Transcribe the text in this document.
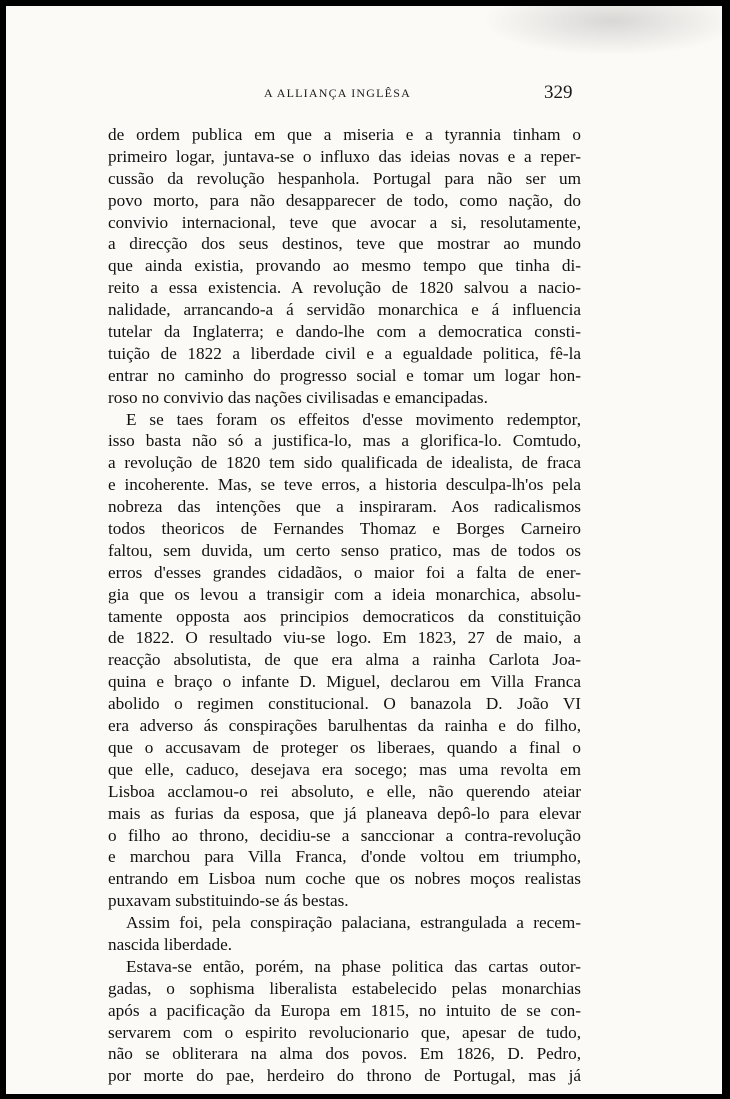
A ALLIANÇA INGLÊSA	329
de ordem publica em que a miseria e a tyrannia tinham o
primeiro logar, juntava-se o influxo das ideias novas e a reper-
cussão da revolução hespanhola. Portugal para não ser um
povo morto, para não desapparecer de todo, como nação, do
convivio internacional, teve que avocar a si, resolutamente,
a direcção dos seus destinos, teve que mostrar ao mundo
que ainda existia, provando ao mesmo tempo que tinha di-
reito a essa existencia. A revolução de 1820 salvou a nacio-
nalidade, arrancando-a á servidão monarchica e á influencia
tutelar da Inglaterra; e dando-lhe com a democratica consti-
tuição de 1822 a liberdade civil e a egualdade politica, fê-la
entrar no caminho do progresso social e tomar um logar hon-
roso no convivio das nações civilisadas e emancipadas.
E se taes foram os effeitos d'esse movimento redemptor,
isso basta não só a justifica-lo, mas a glorifica-lo. Comtudo,
a revolução de 1820 tem sido qualificada de idealista, de fraca
e incoherente. Mas, se teve erros, a historia desculpa-lh'os pela
nobreza das intenções que a inspiraram. Aos radicalismos
todos theoricos de Fernandes Thomaz e Borges Carneiro
faltou, sem duvida, um certo senso pratico, mas de todos os
erros d'esses grandes cidadãos, o maior foi a falta de ener-
gia que os levou a transigir com a ideia monarchica, absolu-
tamente opposta aos principios democraticos da constituição
de 1822. O resultado viu-se logo. Em 1823, 27 de maio, a
reacção absolutista, de que era alma a rainha Carlota Joa-
quina e braço o infante D. Miguel, declarou em Villa Franca
abolido o regimen constitucional. O banazola D. João VI
era adverso ás conspirações barulhentas da rainha e do filho,
que o accusavam de proteger os liberaes, quando a final o
que elle, caduco, desejava era socego; mas uma revolta em
Lisboa acclamou-o rei absoluto, e elle, não querendo ateiar
mais as furias da esposa, que já planeava depô-lo para elevar
o filho ao throno, decidiu-se a sanccionar a contra-revolução
e marchou para Villa Franca, d'onde voltou em triumpho,
entrando em Lisboa num coche que os nobres moços realistas
puxavam substituindo-se ás bestas.
Assim foi, pela conspiração palaciana, estrangulada a recem-
nascida liberdade.
Estava-se então, porém, na phase politica das cartas outor-
gadas, o sophisma liberalista estabelecido pelas monarchias
após a pacificação da Europa em 1815, no intuito de se con-
servarem com o espirito revolucionario que, apesar de tudo,
não se obliterara na alma dos povos. Em 1826, D. Pedro,
por morte do pae, herdeiro do throno de Portugal, mas já
